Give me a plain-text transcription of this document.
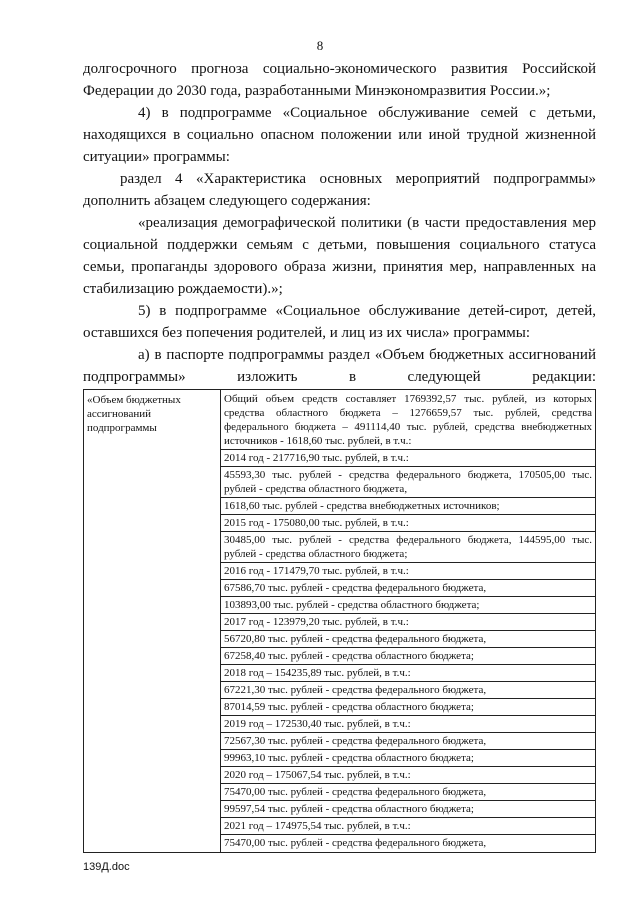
8

долгосрочного прогноза социально-экономического развития Российской Федерации до 2030 года, разработанными Минэкономразвития России.»;

4) в подпрограмме «Социальное обслуживание семей с детьми, находящихся в социально опасном положении или иной трудной жизненной ситуации» программы:

раздел 4 «Характеристика основных мероприятий подпрограммы» дополнить абзацем следующего содержания:

«реализация демографической политики (в части предоставления мер социальной поддержки семьям с детьми, повышения социального статуса семьи, пропаганды здорового образа жизни, принятия мер, направленных на стабилизацию рождаемости).»;

5) в подпрограмме «Социальное обслуживание детей-сирот, детей, оставшихся без попечения родителей, и лиц из их числа» программы:

а) в паспорте подпрограммы раздел «Объем бюджетных ассигнований подпрограммы» изложить в следующей редакции:

«Объем бюджетных ассигнований подпрограммы	
Общий объем средств составляет 1769392,57 тыс. рублей, из которых средства областного бюджета – 1276659,57 тыс. рублей, средства федерального бюджета – 491114,40 тыс. рублей, средства внебюджетных источников - 1618,60 тыс. рублей, в т.ч.:
2014 год - 217716,90 тыс. рублей, в т.ч.:
45593,30 тыс. рублей - средства федерального бюджета, 170505,00 тыс. рублей - средства областного бюджета,
1618,60 тыс. рублей - средства внебюджетных источников;
2015 год - 175080,00 тыс. рублей, в т.ч.:
30485,00 тыс. рублей - средства федерального бюджета, 144595,00 тыс. рублей - средства областного бюджета;
2016 год - 171479,70 тыс. рублей, в т.ч.:
67586,70 тыс. рублей - средства федерального бюджета,
103893,00 тыс. рублей - средства областного бюджета;
2017 год - 123979,20 тыс. рублей, в т.ч.:
56720,80 тыс. рублей - средства федерального бюджета,
67258,40 тыс. рублей - средства областного бюджета;
2018 год – 154235,89 тыс. рублей, в т.ч.:
67221,30 тыс. рублей - средства федерального бюджета,
87014,59 тыс. рублей - средства областного бюджета;
2019 год – 172530,40 тыс. рублей, в т.ч.:
72567,30 тыс. рублей - средства федерального бюджета,
99963,10 тыс. рублей - средства областного бюджета;
2020 год – 175067,54 тыс. рублей, в т.ч.:
75470,00 тыс. рублей - средства федерального бюджета,
99597,54 тыс. рублей - средства областного бюджета;
2021 год – 174975,54 тыс. рублей, в т.ч.:
75470,00 тыс. рублей - средства федерального бюджета,
139Д.doc
